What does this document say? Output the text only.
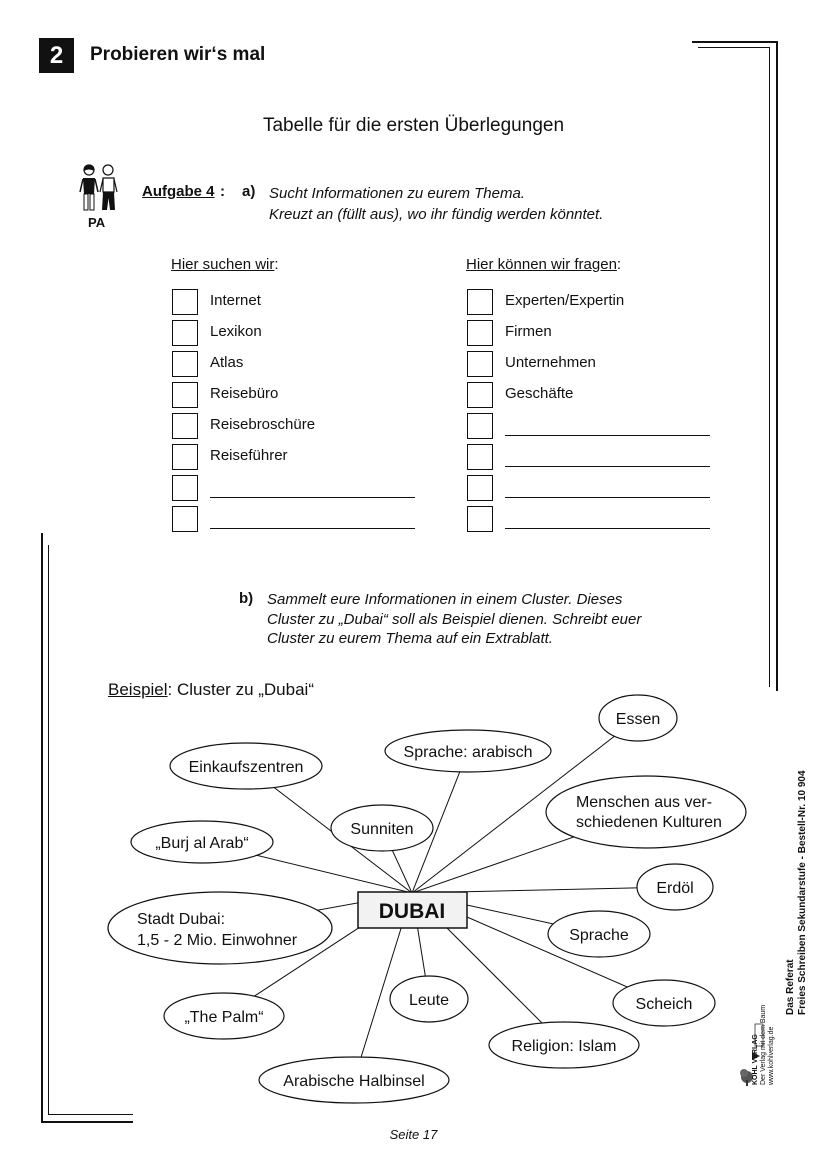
2	Probieren wir‘s mal
Tabelle für die ersten Überlegungen
PA
Aufgabe 4 : a) Sucht Informationen zu eurem Thema.
Kreuzt an (füllt aus), wo ihr fündig werden könntet.
Hier suchen wir:
Internet
Lexikon
Atlas
Reisebüro
Reisebroschüre
Reiseführer
Hier können wir fragen:
Experten/Expertin
Firmen
Unternehmen
Geschäfte
b) Sammelt eure Informationen in einem Cluster. Dieses
Cluster zu „Dubai“ soll als Beispiel dienen. Schreibt euer
Cluster zu eurem Thema auf ein Extrablatt.
Beispiel: Cluster zu „Dubai“
DUBAI
Essen
Sprache: arabisch
Einkaufszentren
Menschen aus ver-
schiedenen Kulturen
Sunniten
„Burj al Arab“
Erdöl
Stadt Dubai:
1,5 - 2 Mio. Einwohner	Sprache
Leute	Scheich
„The Palm“
Religion: Islam
Arabische Halbinsel
Das Referat Freies Schreiben Sekundarstufe - Bestell-Nr. 10 904
KOHL VERLAG Der Verlag mit dem Baum www.kohlverlag.de
Seite 17
